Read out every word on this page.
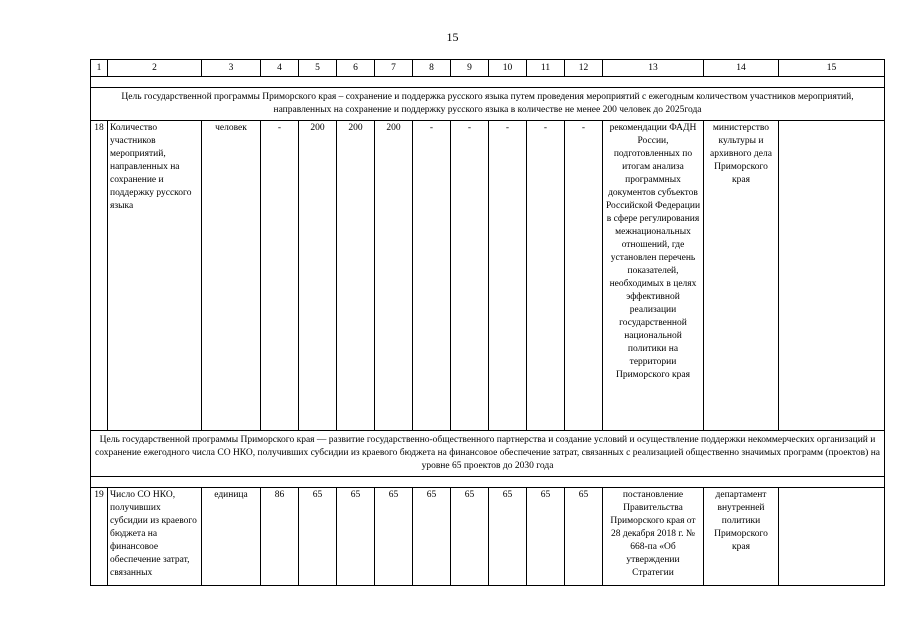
15
1	2	3	4	5	6	7	8	9	10	11	12	13	14	15

Цель государственной программы Приморского края – сохранение и поддержка русского языка путем проведения мероприятий с ежегодным количеством участников мероприятий, направленных на сохранение и поддержку русского языка в количестве не менее 200 человек до 2025года														
18	Количество участников мероприятий, направленных на сохранение и поддержку русского языка	человек	-	200	200	200	-	-	-	-	-	рекомендации ФАДН России, подготовленных по итогам анализа программных документов субъектов Российской Федерации в сфере регулирования межнациональных отношений, где установлен перечень показателей, необходимых в целях эффективной реализации государственной национальной политики на территории Приморского края	министерство культуры и архивного дела Приморского края	
Цель государственной программы Приморского края — развитие государственно-общественного партнерства и создание условий и осуществление поддержки некоммерческих организаций и сохранение ежегодного числа СО НКО, получивших субсидии из краевого бюджета на финансовое обеспечение затрат, связанных с реализацией общественно значимых программ (проектов) на уровне 65 проектов до 2030 года														

19	Число СО НКО, получивших субсидии из краевого бюджета на финансовое обеспечение затрат, связанных	единица	86	65	65	65	65	65	65	65	65	постановление Правительства Приморского края от 28 декабря 2018 г. № 668-па «Об утверждении Стратегии	департамент внутренней политики Приморского края	
